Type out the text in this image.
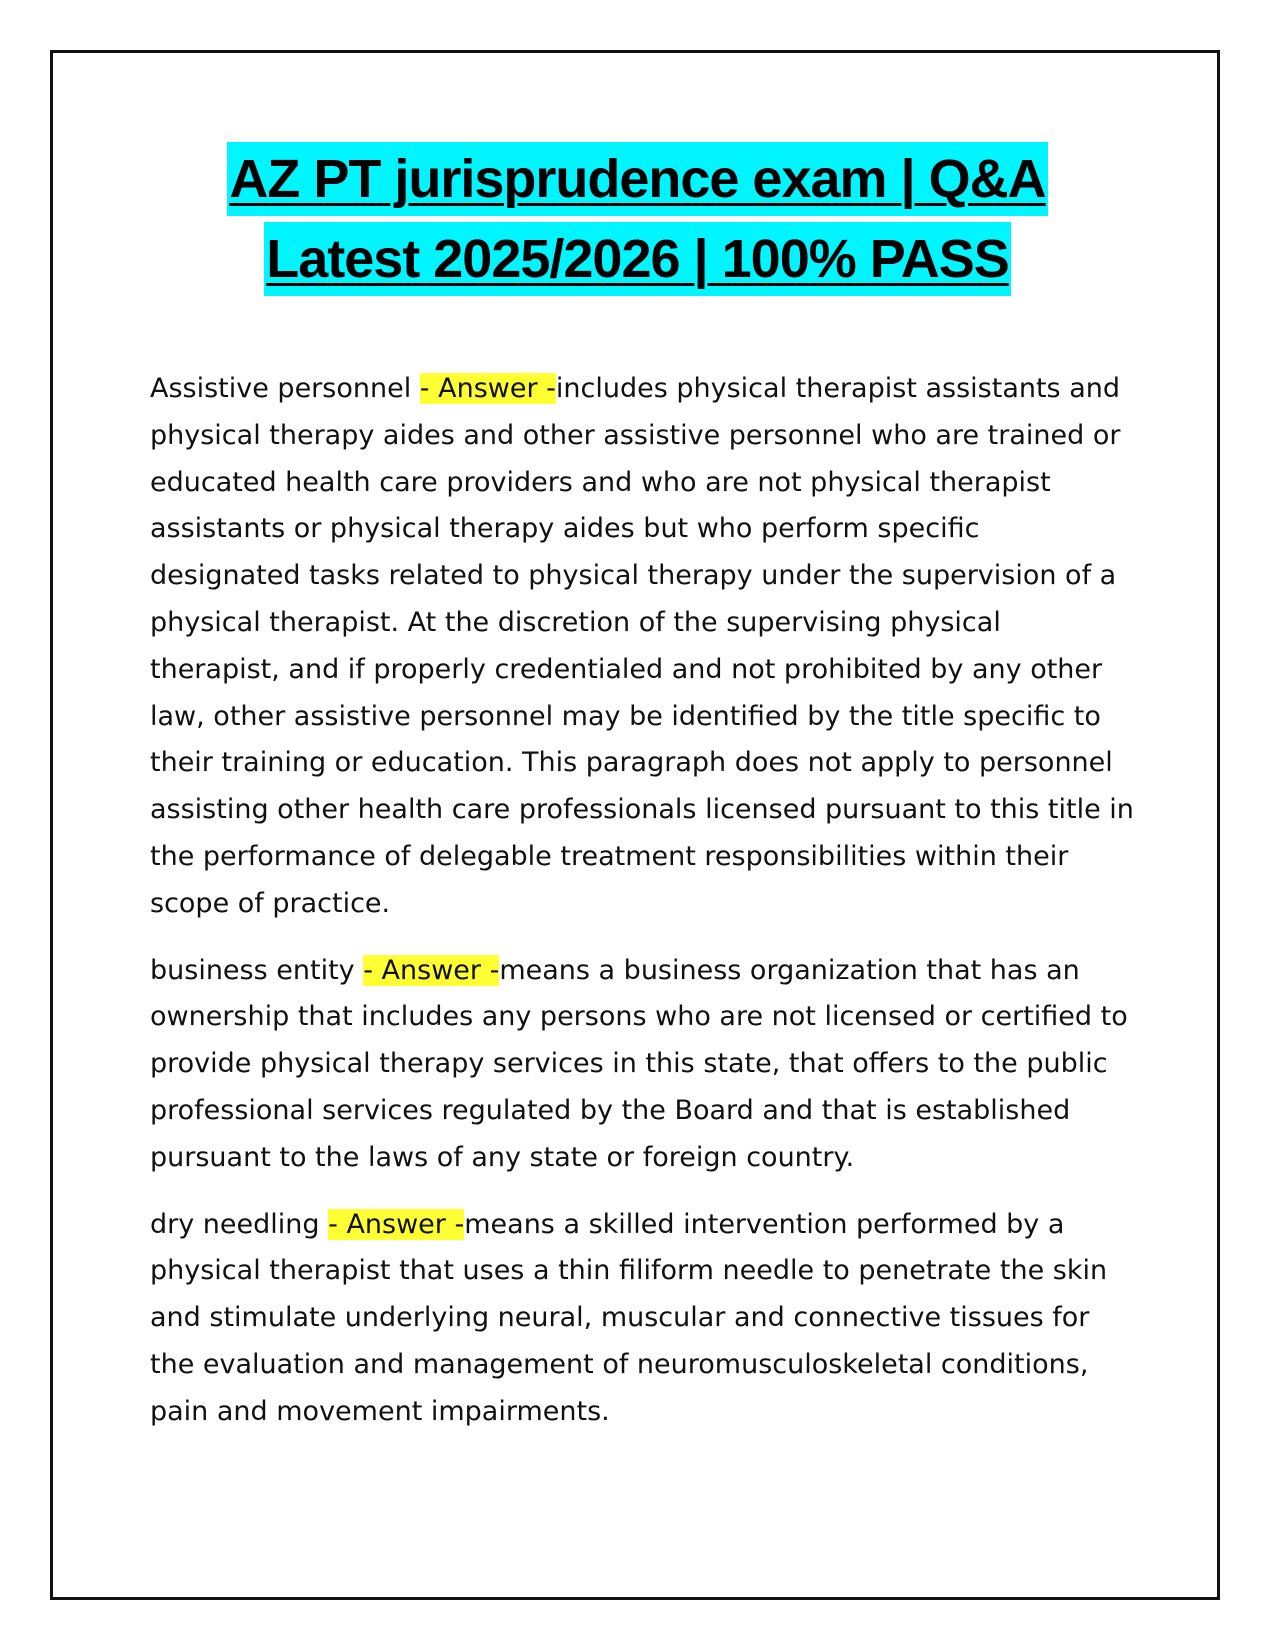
AZ PT jurisprudence exam | Q&A
Latest 2025/2026 | 100% PASS

Assistive personnel - Answer -includes physical therapist assistants and physical therapy aides and other assistive personnel who are trained or educated health care providers and who are not physical therapist assistants or physical therapy aides but who perform specific designated tasks related to physical therapy under the supervision of a physical therapist. At the discretion of the supervising physical therapist, and if properly credentialed and not prohibited by any other law, other assistive personnel may be identified by the title specific to their training or education. This paragraph does not apply to personnel assisting other health care professionals licensed pursuant to this title in the performance of delegable treatment responsibilities within their scope of practice.

business entity - Answer -means a business organization that has an ownership that includes any persons who are not licensed or certified to provide physical therapy services in this state, that offers to the public professional services regulated by the Board and that is established pursuant to the laws of any state or foreign country.

dry needling - Answer -means a skilled intervention performed by a physical therapist that uses a thin filiform needle to penetrate the skin and stimulate underlying neural, muscular and connective tissues for the evaluation and management of neuromusculoskeletal conditions, pain and movement impairments.
